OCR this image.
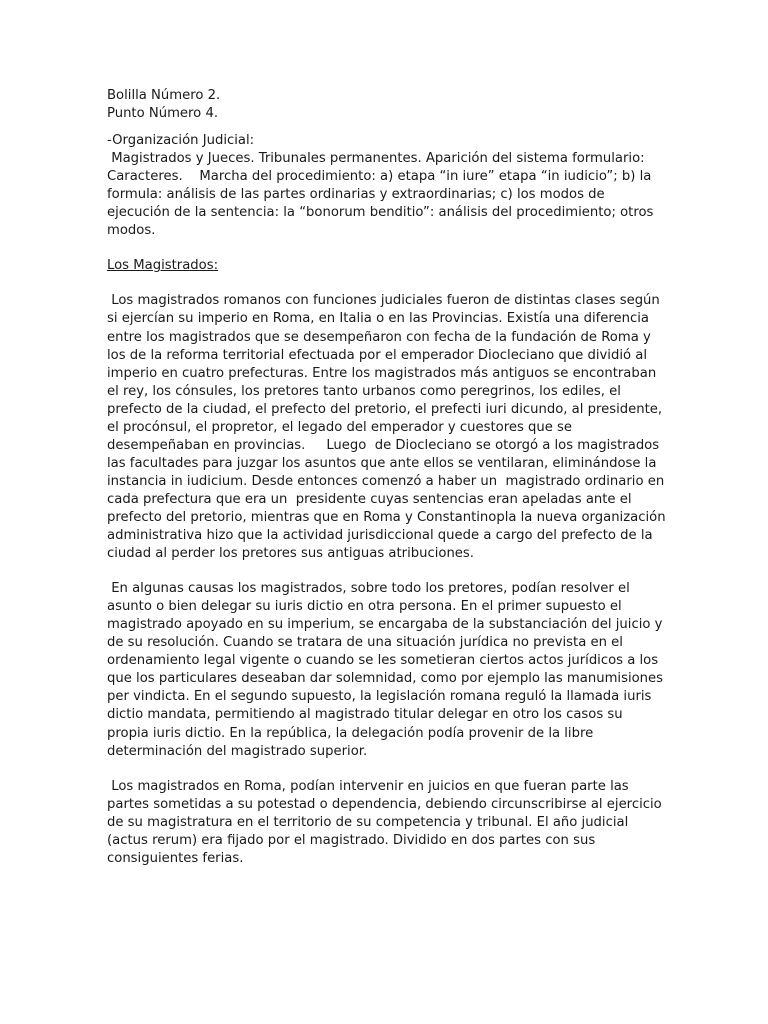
Bolilla Número 2.

Punto Número 4.

-Organización Judicial:

Magistrados y Jueces. Tribunales permanentes. Aparición del sistema formulario: Caracteres.    Marcha del procedimiento: a) etapa “in iure” etapa “in iudicio”; b) la formula: análisis de las partes ordinarias y extraordinarias; c) los modos de ejecución de la sentencia: la “bonorum benditio”: análisis del procedimiento; otros modos.

Los Magistrados:

Los magistrados romanos con funciones judiciales fueron de distintas clases según si ejercían su imperio en Roma, en Italia o en las Provincias. Existía una diferencia entre los magistrados que se desempeñaron con fecha de la fundación de Roma y los de la reforma territorial efectuada por el emperador Diocleciano que dividió al imperio en cuatro prefecturas. Entre los magistrados más antiguos se encontraban el rey, los cónsules, los pretores tanto urbanos como peregrinos, los ediles, el prefecto de la ciudad, el prefecto del pretorio, el prefecti iuri dicundo, al presidente, el procónsul, el propretor, el legado del emperador y cuestores que se desempeñaban en provincias.     Luego  de Diocleciano se otorgó a los magistrados las facultades para juzgar los asuntos que ante ellos se ventilaran, eliminándose la instancia in iudicium. Desde entonces comenzó a haber un  magistrado ordinario en cada prefectura que era un  presidente cuyas sentencias eran apeladas ante el prefecto del pretorio, mientras que en Roma y Constantinopla la nueva organización administrativa hizo que la actividad jurisdiccional quede a cargo del prefecto de la ciudad al perder los pretores sus antiguas atribuciones.

En algunas causas los magistrados, sobre todo los pretores, podían resolver el asunto o bien delegar su iuris dictio en otra persona. En el primer supuesto el magistrado apoyado en su imperium, se encargaba de la substanciación del juicio y de su resolución. Cuando se tratara de una situación jurídica no prevista en el ordenamiento legal vigente o cuando se les sometieran ciertos actos jurídicos a los que los particulares deseaban dar solemnidad, como por ejemplo las manumisiones per vindicta. En el segundo supuesto, la legislación romana reguló la llamada iuris dictio mandata, permitiendo al magistrado titular delegar en otro los casos su propia iuris dictio. En la república, la delegación podía provenir de la libre determinación del magistrado superior.

Los magistrados en Roma, podían intervenir en juicios en que fueran parte las partes sometidas a su potestad o dependencia, debiendo circunscribirse al ejercicio de su magistratura en el territorio de su competencia y tribunal. El año judicial (actus rerum) era fijado por el magistrado. Dividido en dos partes con sus consiguientes ferias.
